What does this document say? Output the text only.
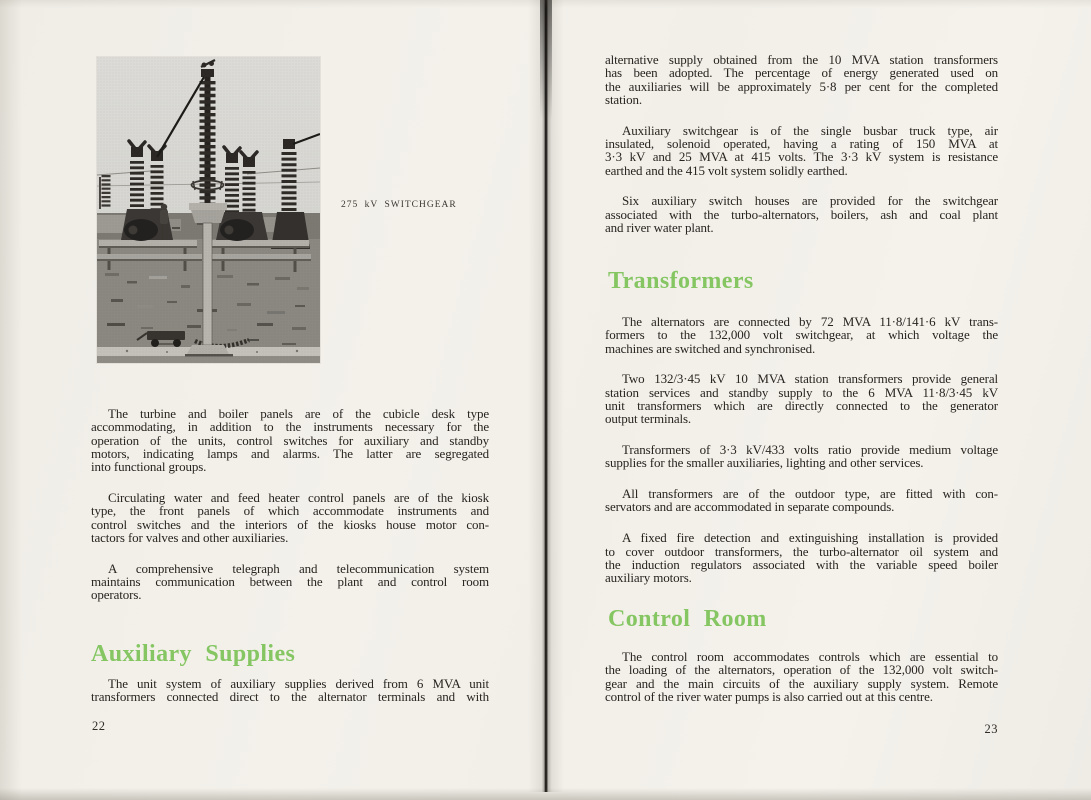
275 kV SWITCHGEAR
The turbine and boiler panels are of the cubicle desk type
accommodating, in addition to the instruments necessary for the
operation of the units, control switches for auxiliary and standby
motors, indicating lamps and alarms. The latter are segregated
into functional groups.
Circulating water and feed heater control panels are of the kiosk
type, the front panels of which accommodate instruments and
control switches and the interiors of the kiosks house motor con-
tactors for valves and other auxiliaries.
A comprehensive telegraph and telecommunication system
maintains communication between the plant and control room
operators.
Auxiliary Supplies
The unit system of auxiliary supplies derived from 6 MVA unit
transformers connected direct to the alternator terminals and with
22
alternative supply obtained from the 10 MVA station transformers
has been adopted. The percentage of energy generated used on
the auxiliaries will be approximately 5·8 per cent for the completed
station.
Auxiliary switchgear is of the single busbar truck type, air
insulated, solenoid operated, having a rating of 150 MVA at
3·3 kV and 25 MVA at 415 volts. The 3·3 kV system is resistance
earthed and the 415 volt system solidly earthed.
Six auxiliary switch houses are provided for the switchgear
associated with the turbo-alternators, boilers, ash and coal plant
and river water plant.
Transformers
The alternators are connected by 72 MVA 11·8/141·6 kV trans-
formers to the 132,000 volt switchgear, at which voltage the
machines are switched and synchronised.
Two 132/3·45 kV 10 MVA station transformers provide general
station services and standby supply to the 6 MVA 11·8/3·45 kV
unit transformers which are directly connected to the generator
output terminals.
Transformers of 3·3 kV/433 volts ratio provide medium voltage
supplies for the smaller auxiliaries, lighting and other services.
All transformers are of the outdoor type, are fitted with con-
servators and are accommodated in separate compounds.
A fixed fire detection and extinguishing installation is provided
to cover outdoor transformers, the turbo-alternator oil system and
the induction regulators associated with the variable speed boiler
auxiliary motors.
Control Room
The control room accommodates controls which are essential to
the loading of the alternators, operation of the 132,000 volt switch-
gear and the main circuits of the auxiliary supply system. Remote
control of the river water pumps is also carried out at this centre.
23
